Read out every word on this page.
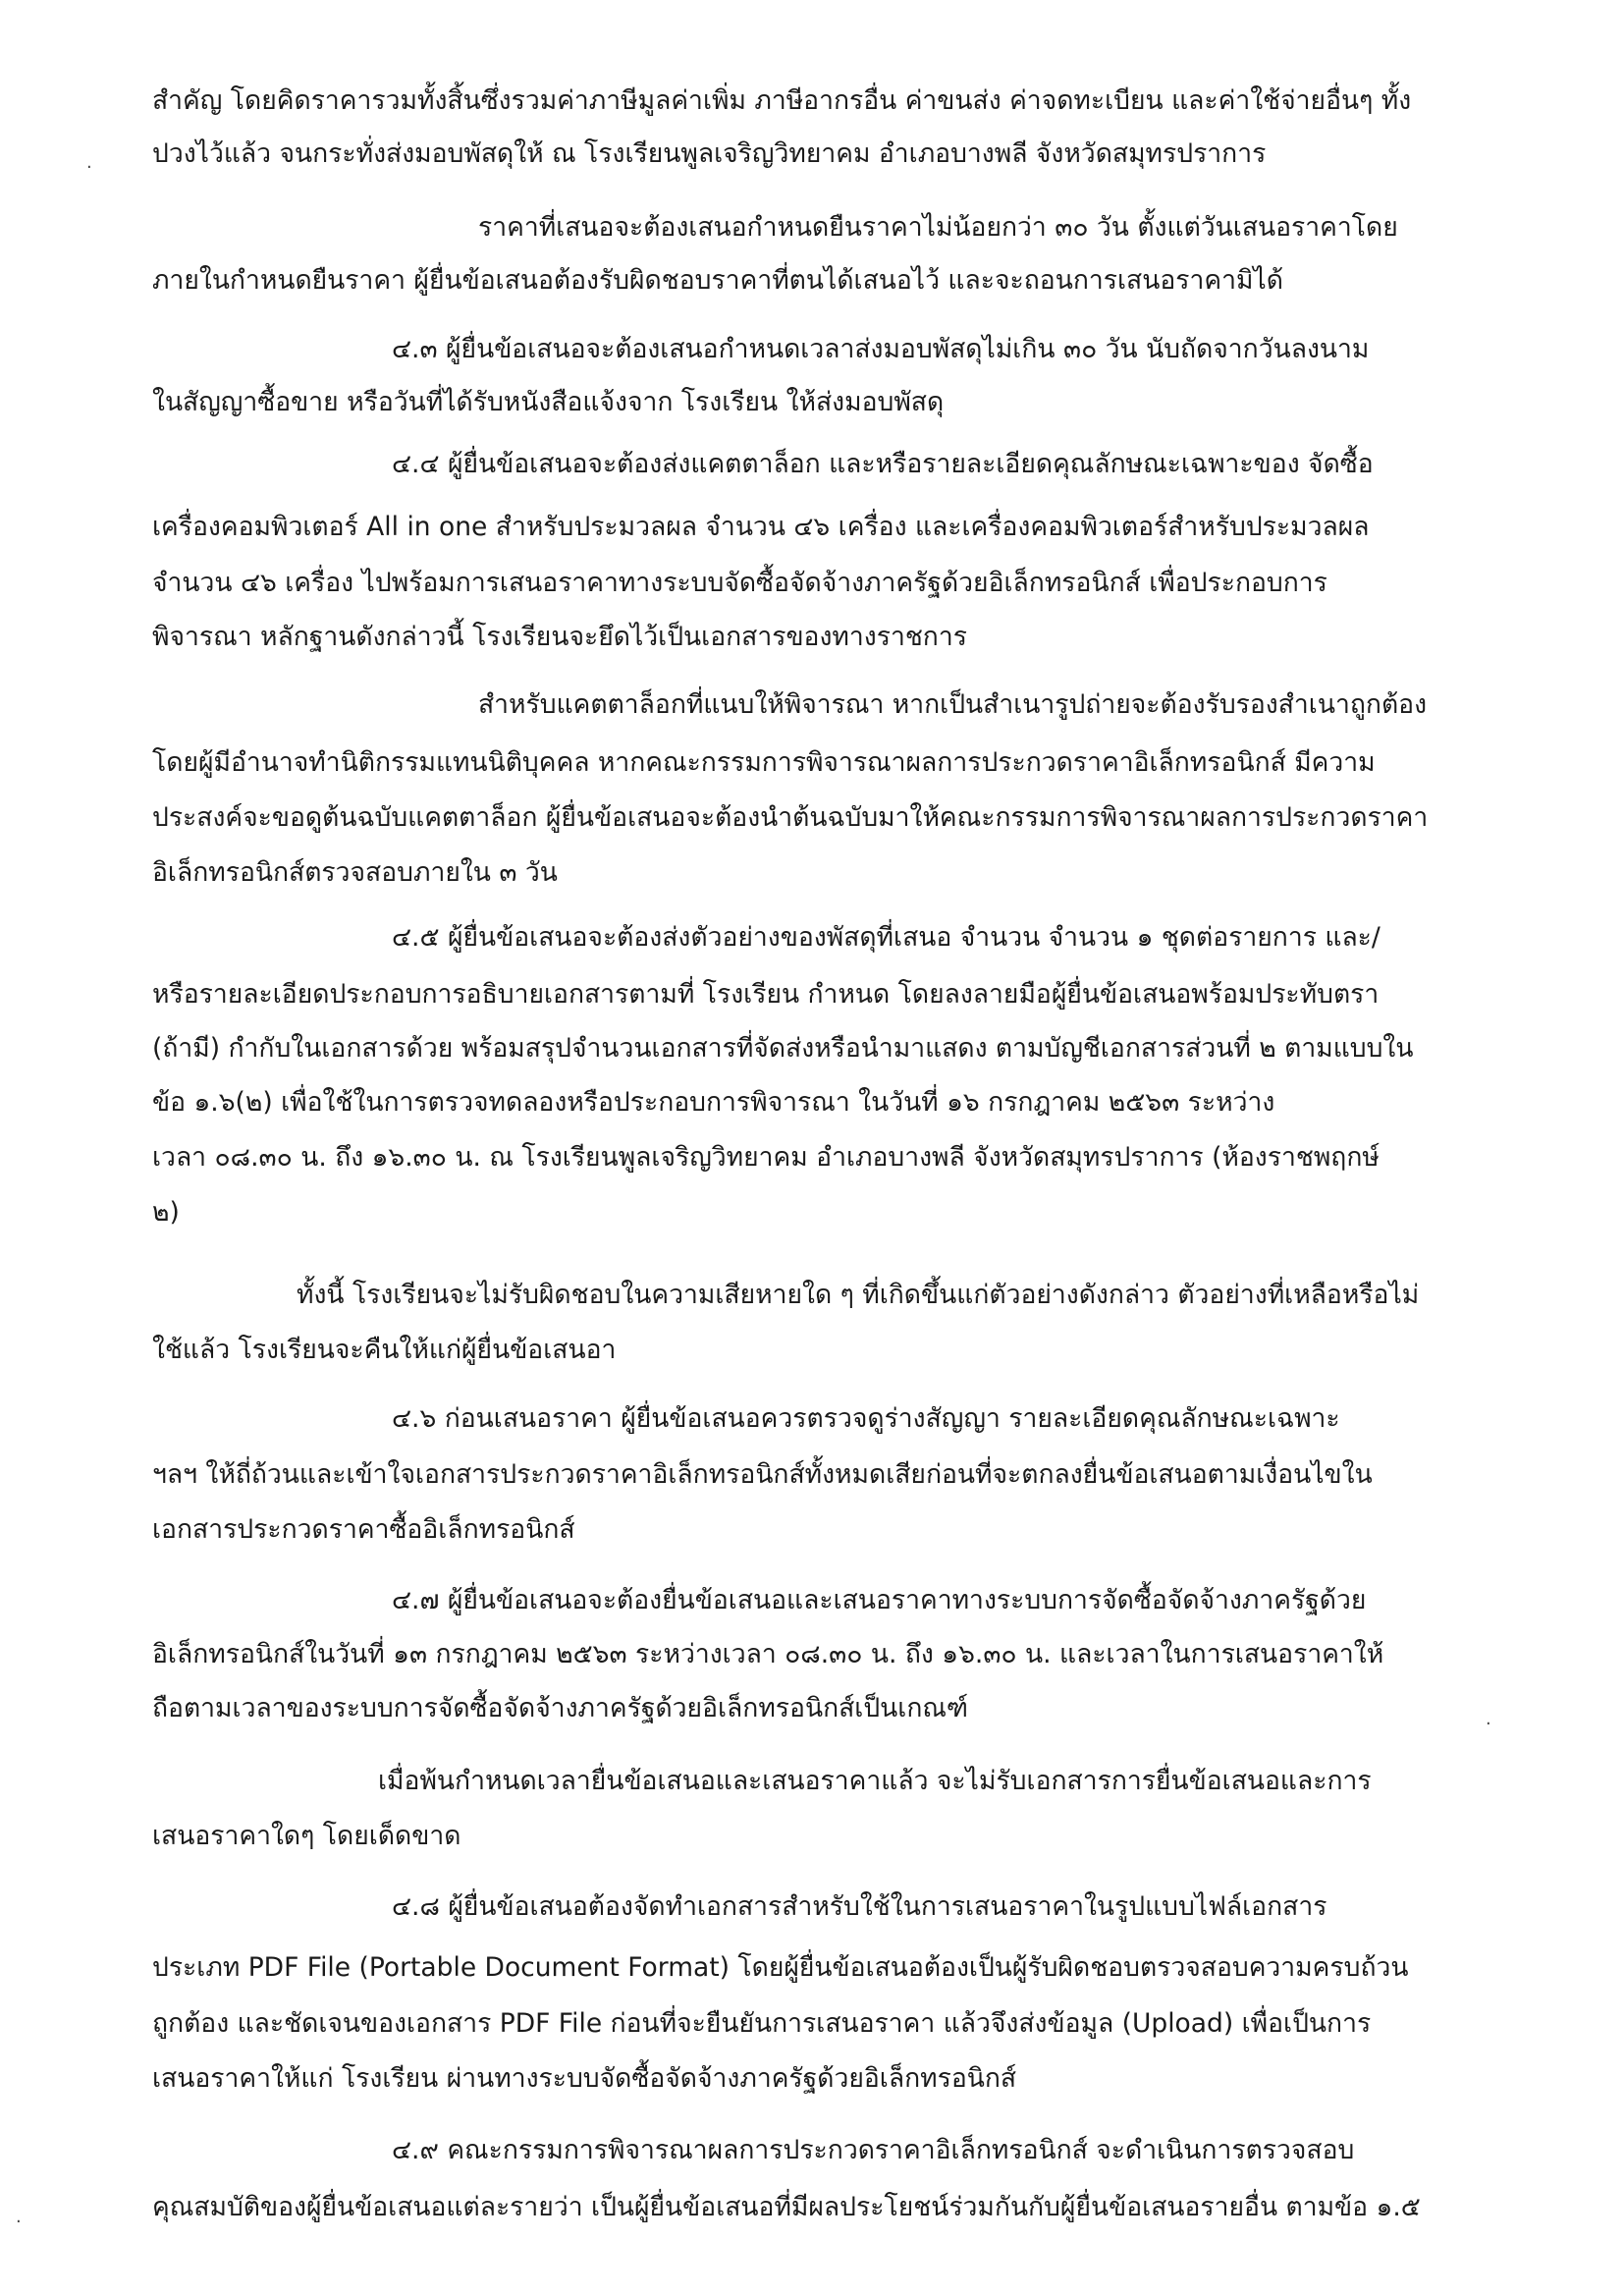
สำคัญ โดยคิดราคารวมทั้งสิ้นซึ่งรวมค่าภาษีมูลค่าเพิ่ม ภาษีอากรอื่น ค่าขนส่ง ค่าจดทะเบียน และค่าใช้จ่ายอื่นๆ ทั้ง
ปวงไว้แล้ว จนกระทั่งส่งมอบพัสดุให้ ณ โรงเรียนพูลเจริญวิทยาคม อำเภอบางพลี จังหวัดสมุทรปราการ
ราคาที่เสนอจะต้องเสนอกำหนดยืนราคาไม่น้อยกว่า ๓๐ วัน ตั้งแต่วันเสนอราคาโดย
ภายในกำหนดยืนราคา ผู้ยื่นข้อเสนอต้องรับผิดชอบราคาที่ตนได้เสนอไว้ และจะถอนการเสนอราคามิได้
๔.๓ ผู้ยื่นข้อเสนอจะต้องเสนอกำหนดเวลาส่งมอบพัสดุไม่เกิน ๓๐ วัน นับถัดจากวันลงนาม
ในสัญญาซื้อขาย หรือวันที่ได้รับหนังสือแจ้งจาก โรงเรียน ให้ส่งมอบพัสดุ
๔.๔ ผู้ยื่นข้อเสนอจะต้องส่งแคตตาล็อก และหรือรายละเอียดคุณลักษณะเฉพาะของ จัดซื้อ
เครื่องคอมพิวเตอร์ All in one สำหรับประมวลผล จำนวน ๔๖ เครื่อง และเครื่องคอมพิวเตอร์สำหรับประมวลผล
จำนวน ๔๖ เครื่อง ไปพร้อมการเสนอราคาทางระบบจัดซื้อจัดจ้างภาครัฐด้วยอิเล็กทรอนิกส์ เพื่อประกอบการ
พิจารณา หลักฐานดังกล่าวนี้ โรงเรียนจะยึดไว้เป็นเอกสารของทางราชการ
สำหรับแคตตาล็อกที่แนบให้พิจารณา หากเป็นสำเนารูปถ่ายจะต้องรับรองสำเนาถูกต้อง
โดยผู้มีอำนาจทำนิติกรรมแทนนิติบุคคล หากคณะกรรมการพิจารณาผลการประกวดราคาอิเล็กทรอนิกส์ มีความ
ประสงค์จะขอดูต้นฉบับแคตตาล็อก ผู้ยื่นข้อเสนอจะต้องนำต้นฉบับมาให้คณะกรรมการพิจารณาผลการประกวดราคา
อิเล็กทรอนิกส์ตรวจสอบภายใน ๓ วัน
๔.๕ ผู้ยื่นข้อเสนอจะต้องส่งตัวอย่างของพัสดุที่เสนอ จำนวน จำนวน ๑ ชุดต่อรายการ และ/
หรือรายละเอียดประกอบการอธิบายเอกสารตามที่ โรงเรียน กำหนด โดยลงลายมือผู้ยื่นข้อเสนอพร้อมประทับตรา
(ถ้ามี) กำกับในเอกสารด้วย พร้อมสรุปจำนวนเอกสารที่จัดส่งหรือนำมาแสดง ตามบัญชีเอกสารส่วนที่ ๒ ตามแบบใน
ข้อ ๑.๖(๒) เพื่อใช้ในการตรวจทดลองหรือประกอบการพิจารณา ในวันที่ ๑๖ กรกฎาคม ๒๕๖๓ ระหว่าง
เวลา ๐๘.๓๐ น. ถึง ๑๖.๓๐ น. ณ โรงเรียนพูลเจริญวิทยาคม อำเภอบางพลี จังหวัดสมุทรปราการ (ห้องราชพฤกษ์
๒)
ทั้งนี้ โรงเรียนจะไม่รับผิดชอบในความเสียหายใด ๆ ที่เกิดขึ้นแก่ตัวอย่างดังกล่าว ตัวอย่างที่เหลือหรือไม่
ใช้แล้ว โรงเรียนจะคืนให้แก่ผู้ยื่นข้อเสนอา
๔.๖ ก่อนเสนอราคา ผู้ยื่นข้อเสนอควรตรวจดูร่างสัญญา รายละเอียดคุณลักษณะเฉพาะ
ฯลฯ ให้ถี่ถ้วนและเข้าใจเอกสารประกวดราคาอิเล็กทรอนิกส์ทั้งหมดเสียก่อนที่จะตกลงยื่นข้อเสนอตามเงื่อนไขใน
เอกสารประกวดราคาซื้ออิเล็กทรอนิกส์
๔.๗ ผู้ยื่นข้อเสนอจะต้องยื่นข้อเสนอและเสนอราคาทางระบบการจัดซื้อจัดจ้างภาครัฐด้วย
อิเล็กทรอนิกส์ในวันที่ ๑๓ กรกฎาคม ๒๕๖๓ ระหว่างเวลา ๐๘.๓๐ น. ถึง ๑๖.๓๐ น. และเวลาในการเสนอราคาให้
ถือตามเวลาของระบบการจัดซื้อจัดจ้างภาครัฐด้วยอิเล็กทรอนิกส์เป็นเกณฑ์
เมื่อพ้นกำหนดเวลายื่นข้อเสนอและเสนอราคาแล้ว จะไม่รับเอกสารการยื่นข้อเสนอและการ
เสนอราคาใดๆ โดยเด็ดขาด
๔.๘ ผู้ยื่นข้อเสนอต้องจัดทำเอกสารสำหรับใช้ในการเสนอราคาในรูปแบบไฟล์เอกสาร
ประเภท PDF File (Portable Document Format) โดยผู้ยื่นข้อเสนอต้องเป็นผู้รับผิดชอบตรวจสอบความครบถ้วน
ถูกต้อง และชัดเจนของเอกสาร PDF File ก่อนที่จะยืนยันการเสนอราคา แล้วจึงส่งข้อมูล (Upload) เพื่อเป็นการ
เสนอราคาให้แก่ โรงเรียน ผ่านทางระบบจัดซื้อจัดจ้างภาครัฐด้วยอิเล็กทรอนิกส์
๔.๙ คณะกรรมการพิจารณาผลการประกวดราคาอิเล็กทรอนิกส์ จะดำเนินการตรวจสอบ
คุณสมบัติของผู้ยื่นข้อเสนอแต่ละรายว่า เป็นผู้ยื่นข้อเสนอที่มีผลประโยชน์ร่วมกันกับผู้ยื่นข้อเสนอรายอื่น ตามข้อ ๑.๕
·
·
·
